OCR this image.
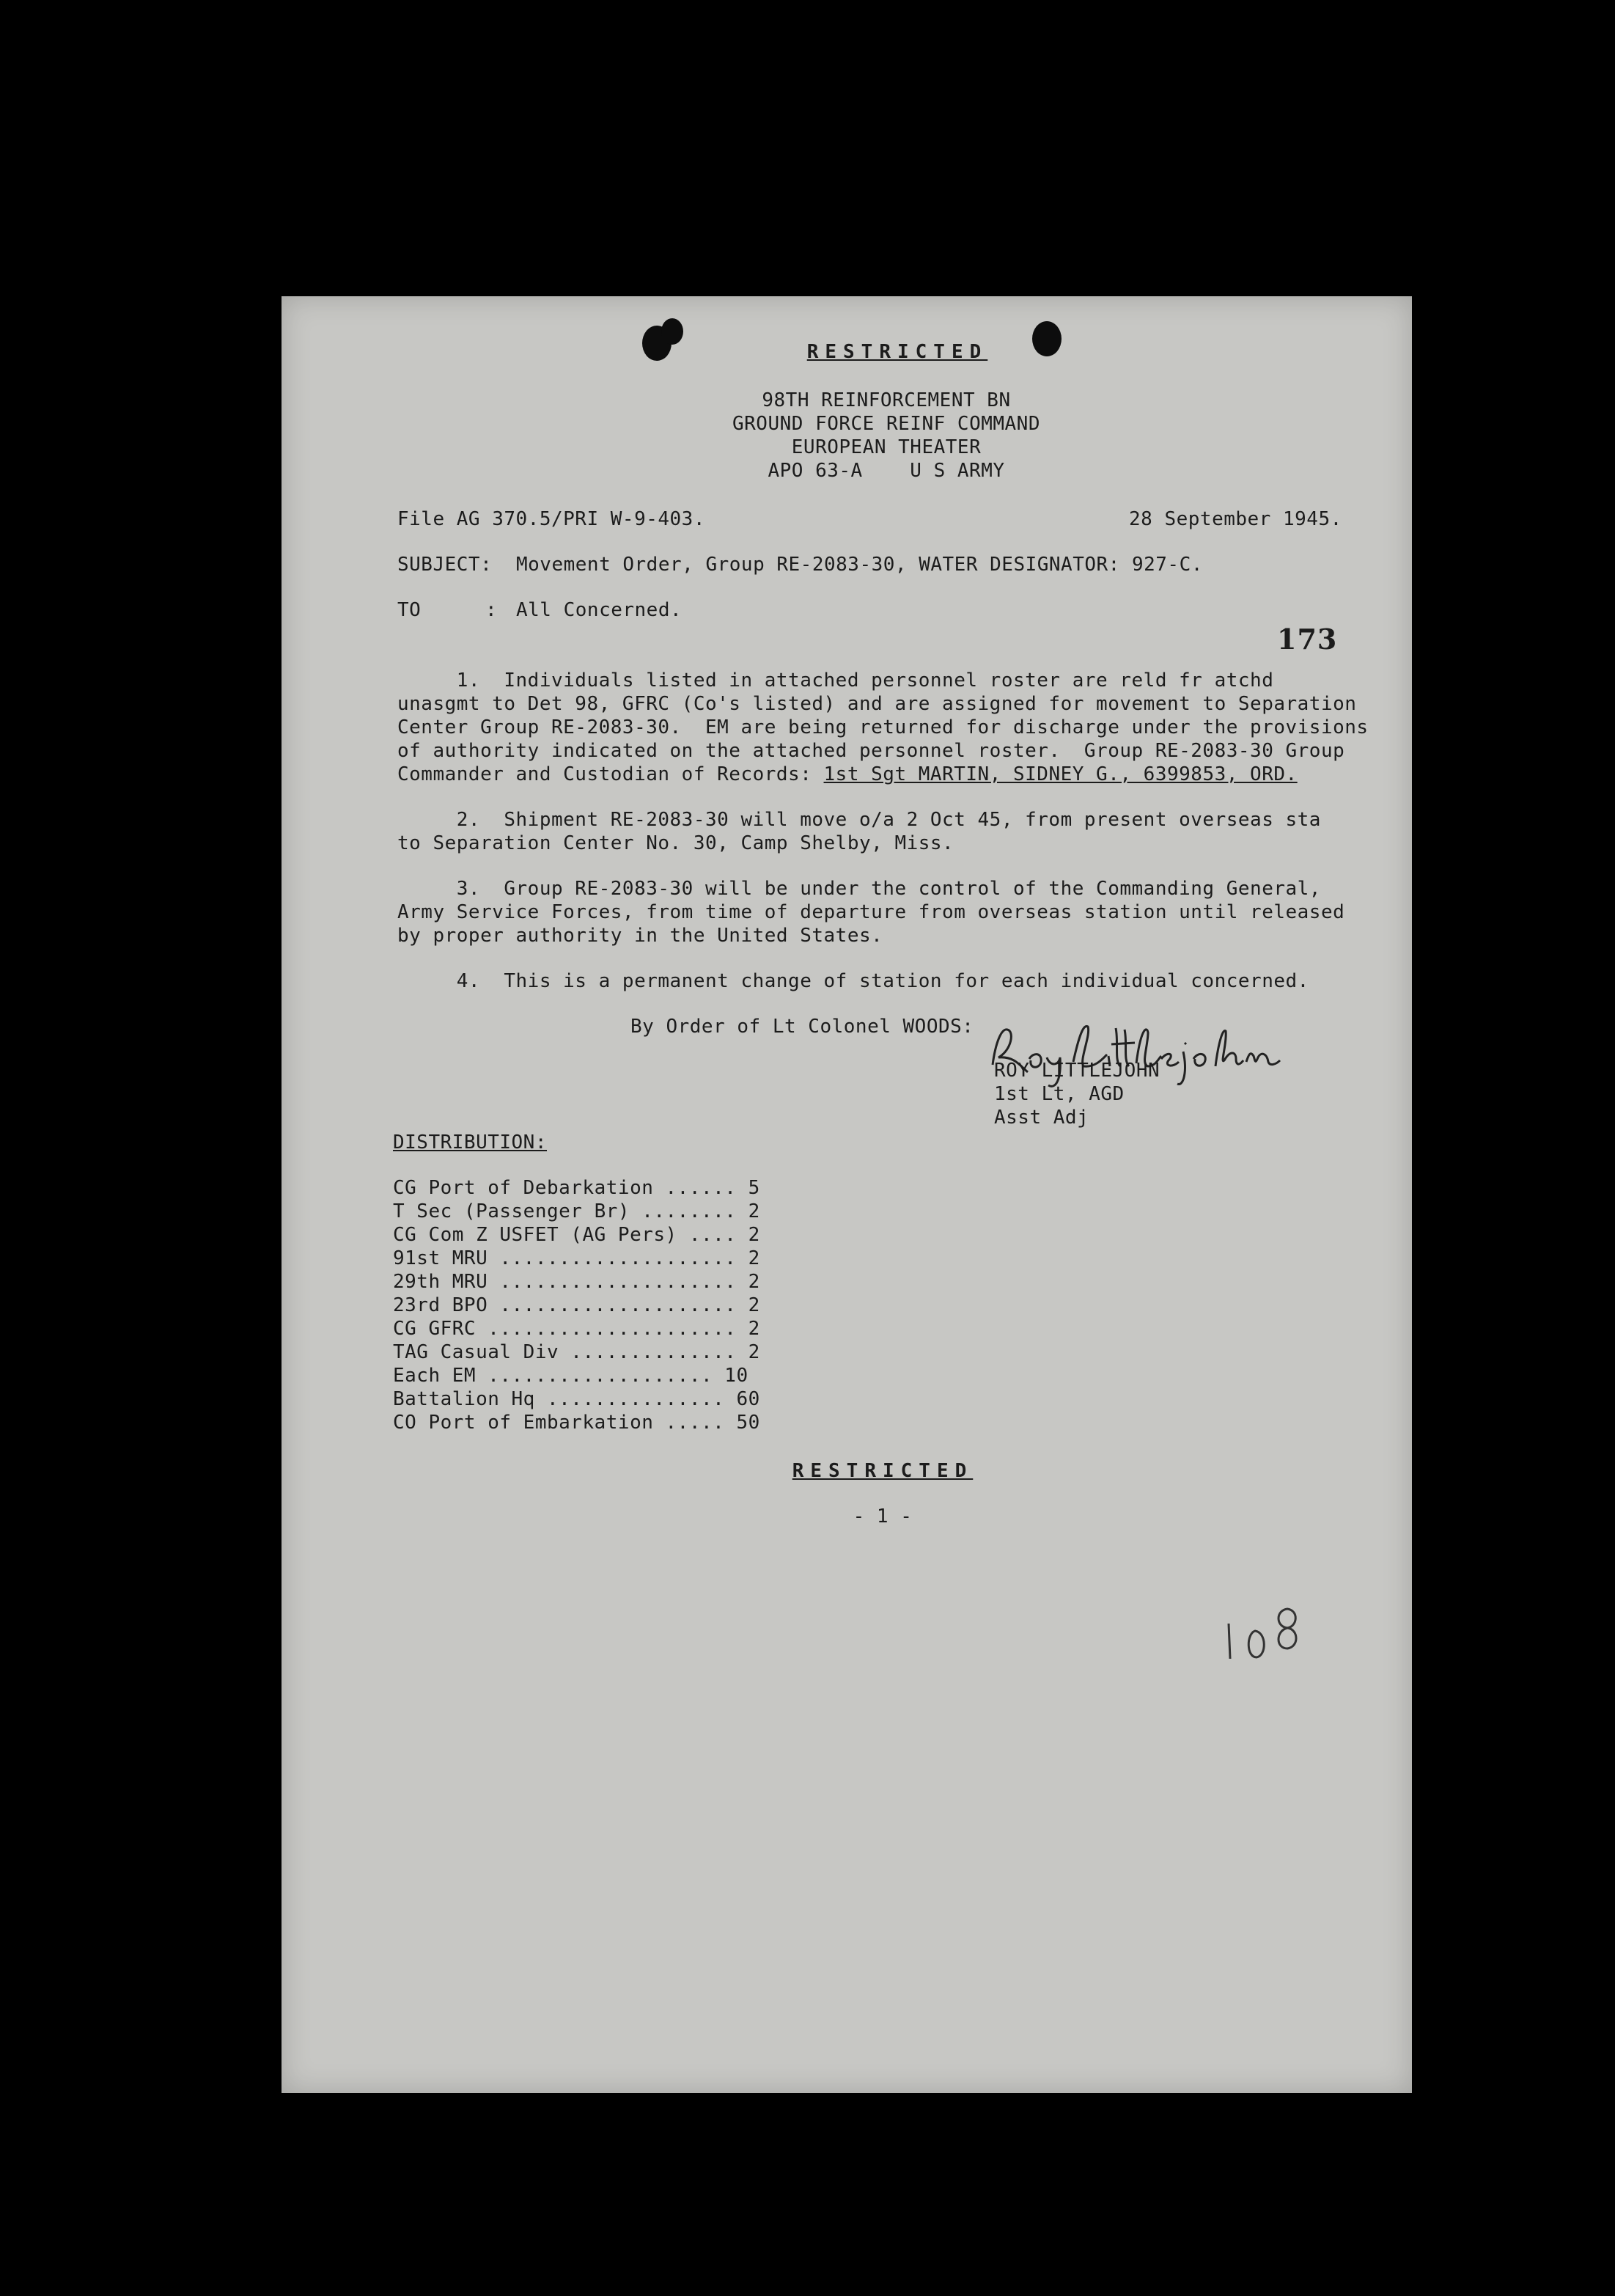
RESTRICTED
98TH REINFORCEMENT BN
GROUND FORCE REINF COMMAND
EUROPEAN THEATER
APO 63-A    U S ARMY
File AG 370.5/PRI W-9-403.	28 September 1945.
SUBJECT: Movement Order, Group RE-2083-30, WATER DESIGNATOR: 927-C.
TO	: All Concerned.
173
1.  Individuals listed in attached personnel roster are reld fr atchd
unasgmt to Det 98, GFRC (Co's listed) and are assigned for movement to Separation
Center Group RE-2083-30.  EM are being returned for discharge under the provisions
of authority indicated on the attached personnel roster.  Group RE-2083-30 Group
Commander and Custodian of Records: 1st Sgt MARTIN, SIDNEY G., 6399853, ORD.
2.  Shipment RE-2083-30 will move o/a 2 Oct 45, from present overseas sta
to Separation Center No. 30, Camp Shelby, Miss.
3.  Group RE-2083-30 will be under the control of the Commanding General,
Army Service Forces, from time of departure from overseas station until released
by proper authority in the United States.
4.  This is a permanent change of station for each individual concerned.
By Order of Lt Colonel WOODS:
ROY LITTLEJOHN
1st Lt, AGD
Asst Adj
DISTRIBUTION:
CG Port of Debarkation ...... 5
T Sec (Passenger Br) ........ 2
CG Com Z USFET (AG Pers) .... 2
91st MRU .................... 2
29th MRU .................... 2
23rd BPO .................... 2
CG GFRC ..................... 2
TAG Casual Div .............. 2
Each EM ................... 10
Battalion Hq ............... 60
CO Port of Embarkation ..... 50
RESTRICTED
- 1 -
